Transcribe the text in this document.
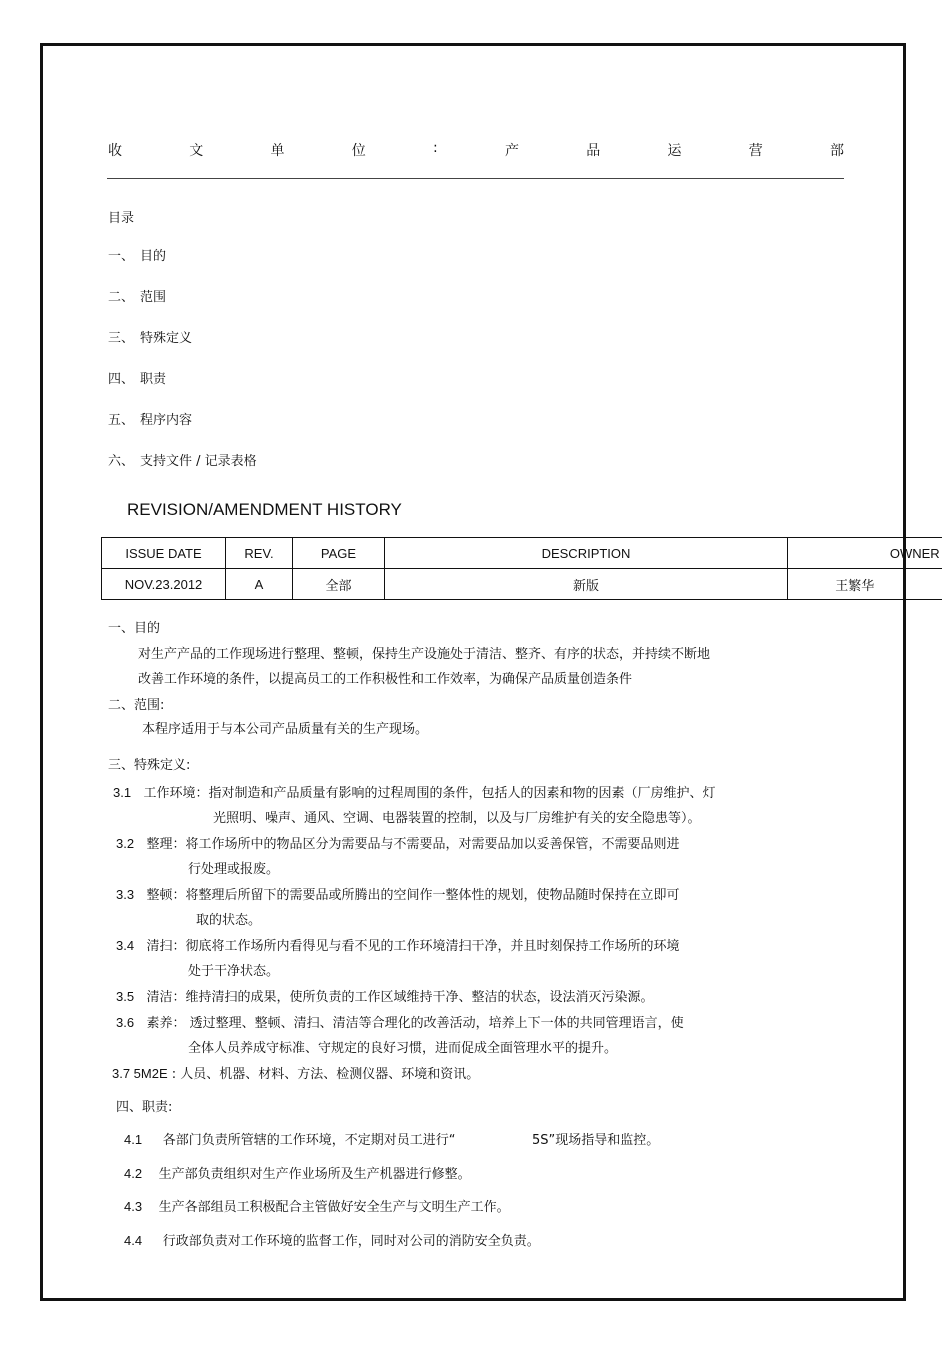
收	文	单	位	:	产	品	运	营	部
目录
一、 目的
二、 范围
三、 特殊定义
四、 职责
五、 程序内容
六、 支持文件 / 记录表格
REVISION/AMENDMENT HISTORY
ISSUE DATE	REV.	PAGE	DESCRIPTION	OWNER
NOV.23.2012	A	全部	新版	王繁华
一、目的
对生产产品的工作现场进行整理、整顿，保持生产设施处于清洁、整齐、有序的状态，并持续不断地
改善工作环境的条件，以提高员工的工作积极性和工作效率，为确保产品质量创造条件
二、范围:
本程序适用于与本公司产品质量有关的生产现场。
三、特殊定义:
3.1 工作环境：指对制造和产品质量有影响的过程周围的条件，包括人的因素和物的因素（厂房维护、灯
光照明、噪声、通风、空调、电器装置的控制，以及与厂房维护有关的安全隐患等）。
3.2 整理：将工作场所中的物品区分为需要品与不需要品，对需要品加以妥善保管，不需要品则进
行处理或报废。
3.3 整顿：将整理后所留下的需要品或所腾出的空间作一整体性的规划，使物品随时保持在立即可
取的状态。
3.4 清扫：彻底将工作场所内看得见与看不见的工作环境清扫干净，并且时刻保持工作场所的环境
处于干净状态。
3.5 清洁：维持清扫的成果，使所负责的工作区域维持干净、整洁的状态，设法消灭污染源。
3.6 素养： 透过整理、整顿、清扫、清洁等合理化的改善活动，培养上下一体的共同管理语言，使
全体人员养成守标准、守规定的良好习惯，进而促成全面管理水平的提升。
3.7 5M2E : 人员、机器、材料、方法、检测仪器、环境和资讯。
四、职责:
4.1 各部门负责所管辖的工作环境，不定期对员工进行“	5S”现场指导和监控。
4.2 生产部负责组织对生产作业场所及生产机器进行修整。
4.3 生产各部组员工积极配合主管做好安全生产与文明生产工作。
4.4 行政部负责对工作环境的监督工作，同时对公司的消防安全负责。
